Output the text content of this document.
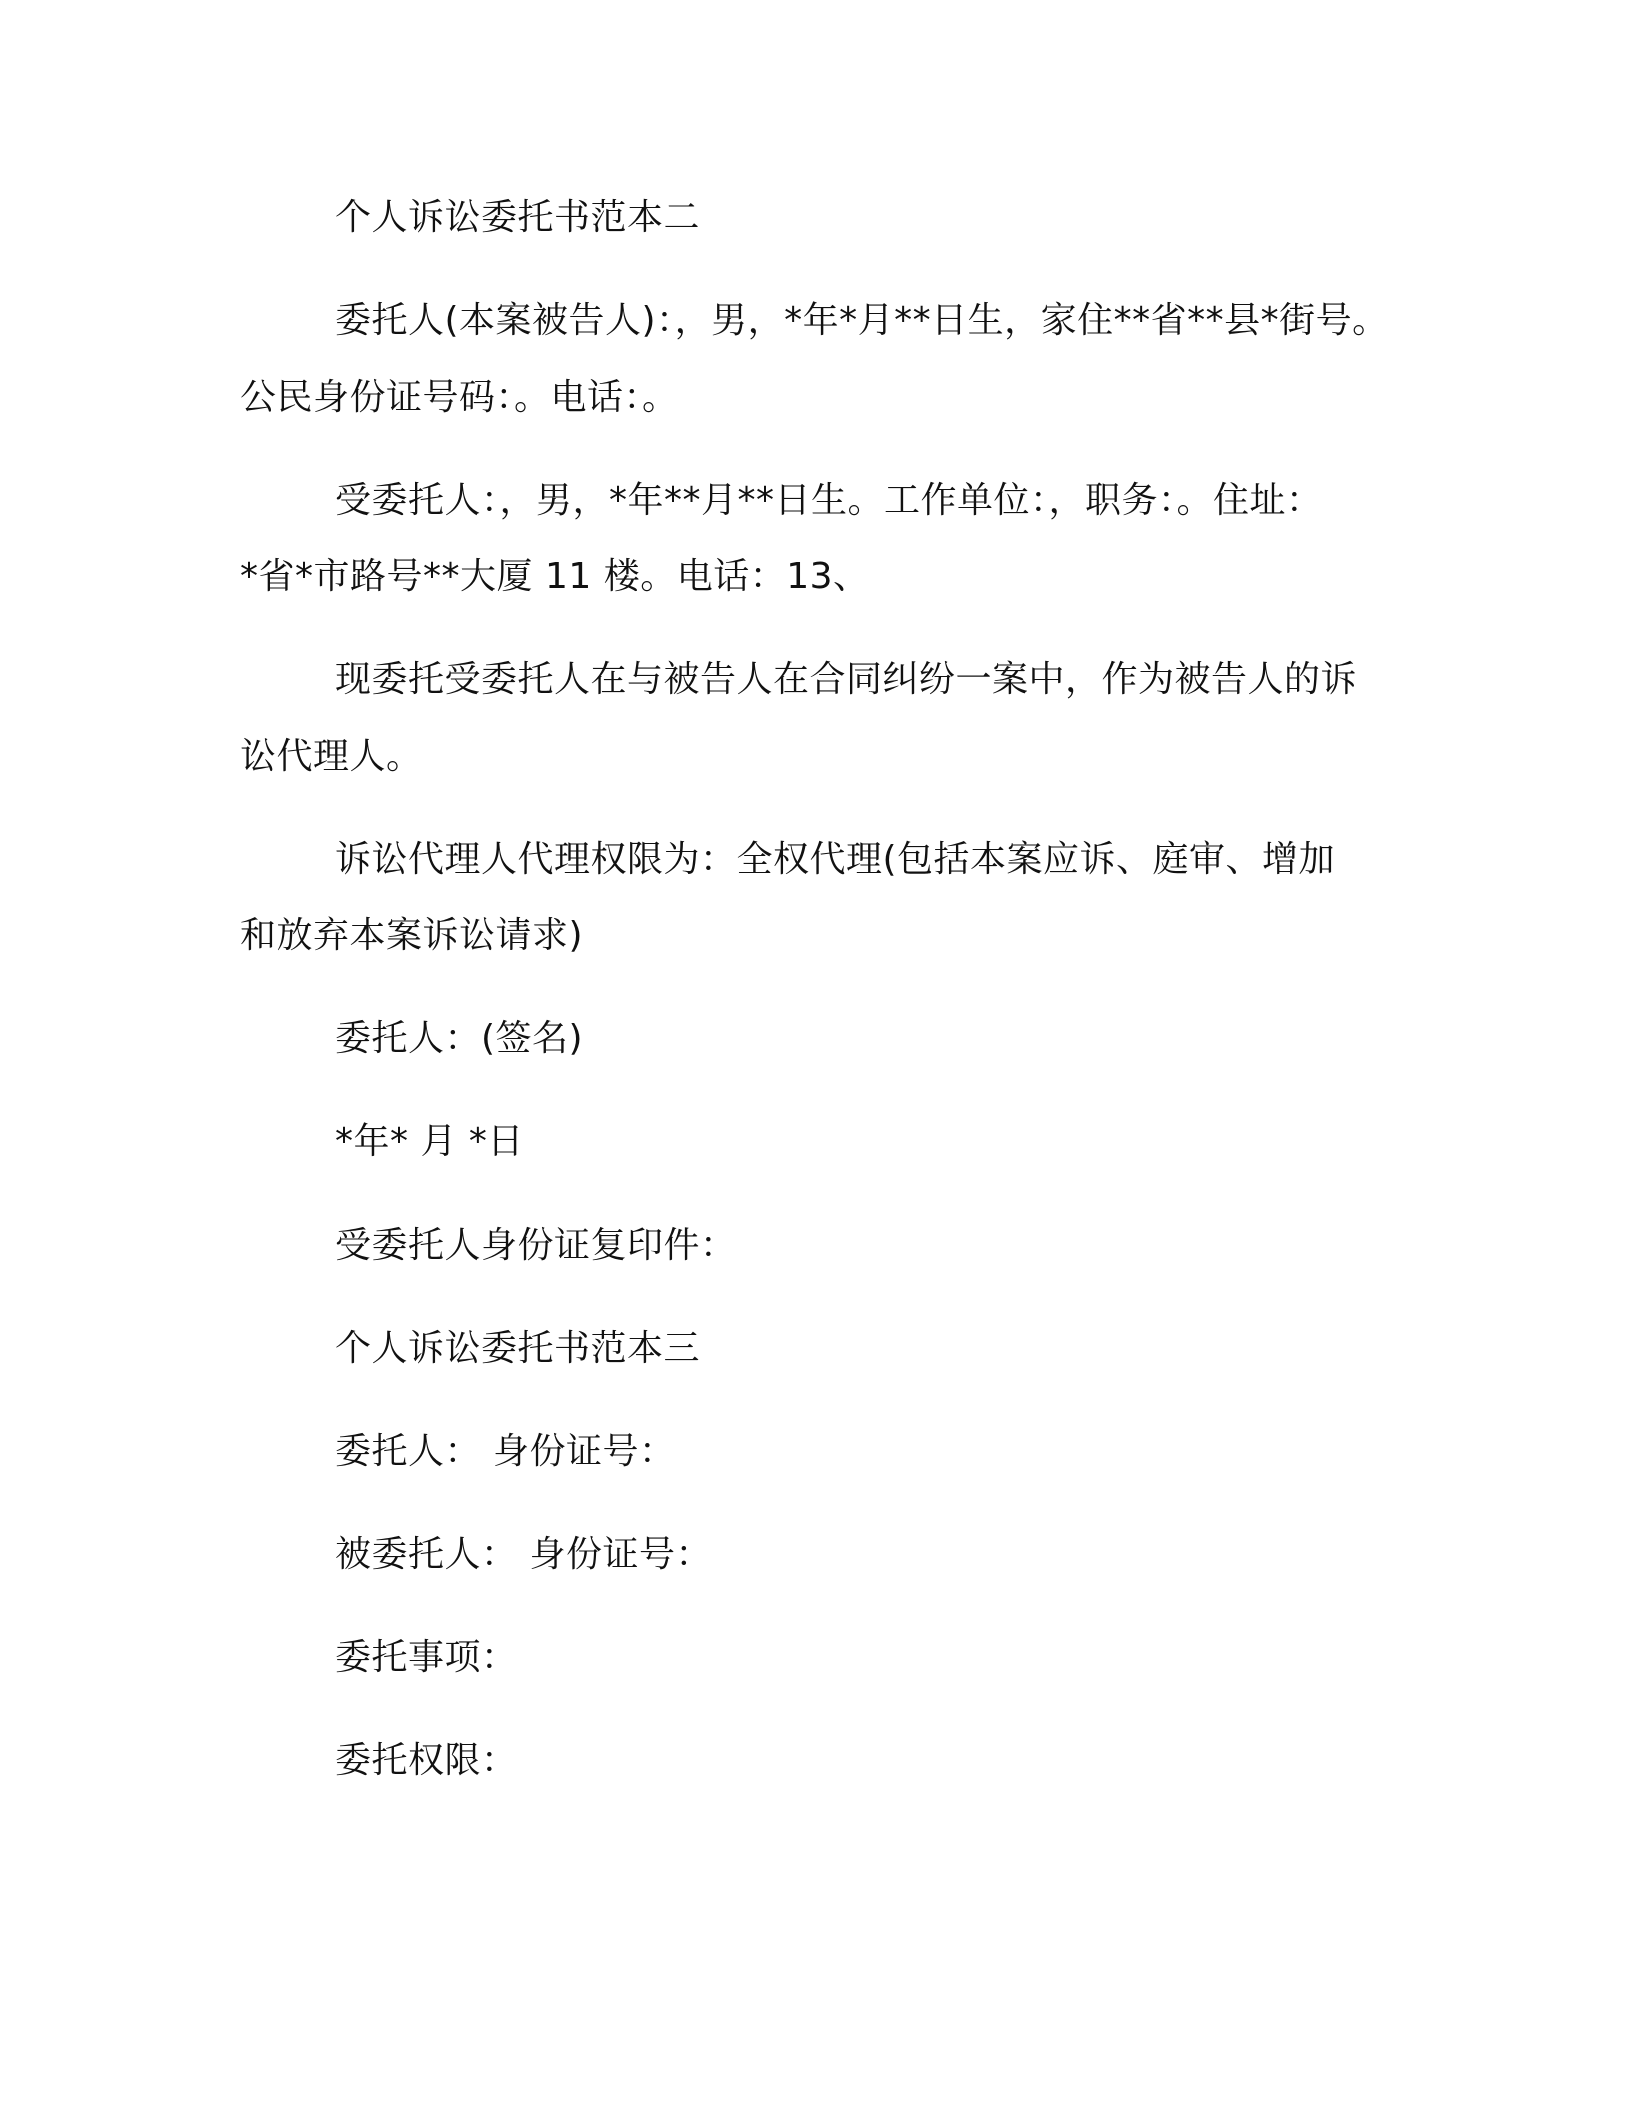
个人诉讼委托书范本二
委托人(本案被告人)：，男，*年*月**日生，家住**省**县*街号。
公民身份证号码：。电话：。
受委托人：，男，*年**月**日生。工作单位：，职务：。住址：
*省*市路号**大厦 11 楼。电话：13、
现委托受委托人在与被告人在合同纠纷一案中，作为被告人的诉
讼代理人。
诉讼代理人代理权限为：全权代理(包括本案应诉、庭审、增加
和放弃本案诉讼请求)
委托人：(签名)
*年* 月 *日
受委托人身份证复印件：
个人诉讼委托书范本三
委托人： 身份证号：
被委托人： 身份证号：
委托事项：
委托权限：
